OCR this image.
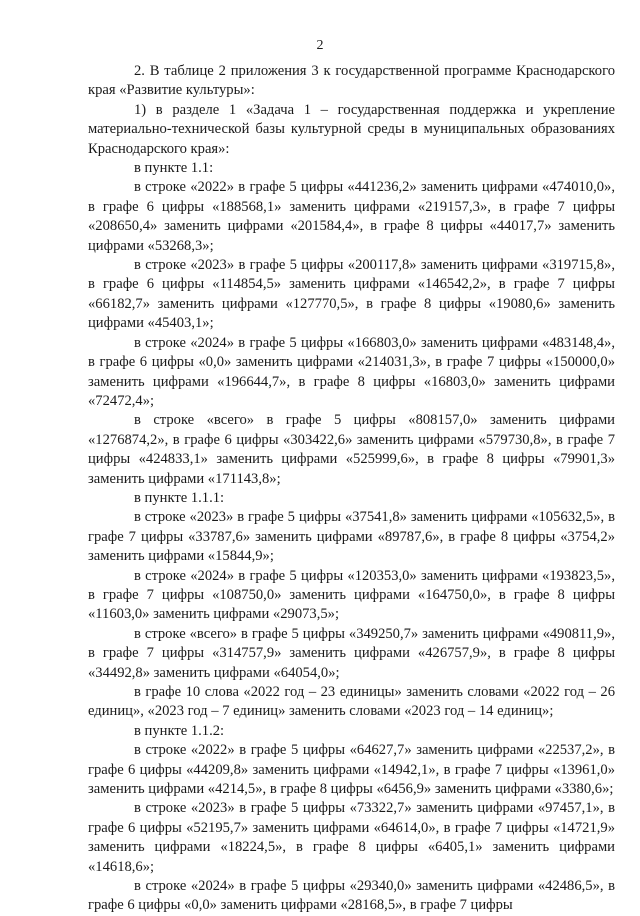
2

2. В таблице 2 приложения 3 к государственной программе Краснодарского края «Развитие культуры»:

1) в разделе 1 «Задача 1 – государственная поддержка и укрепление материально-технической базы культурной среды в муниципальных образованиях Краснодарского края»:

в пункте 1.1:

в строке «2022» в графе 5 цифры «441236,2» заменить цифрами «474010,0», в графе 6 цифры «188568,1» заменить цифрами «219157,3», в графе 7 цифры «208650,4» заменить цифрами «201584,4», в графе 8 цифры «44017,7» заменить цифрами «53268,3»;

в строке «2023» в графе 5 цифры «200117,8» заменить цифрами «319715,8», в графе 6 цифры «114854,5» заменить цифрами «146542,2», в графе 7 цифры «66182,7» заменить цифрами «127770,5», в графе 8 цифры «19080,6» заменить цифрами «45403,1»;

в строке «2024» в графе 5 цифры «166803,0» заменить цифрами «483148,4», в графе 6 цифры «0,0» заменить цифрами «214031,3», в графе 7 цифры «150000,0» заменить цифрами «196644,7», в графе 8 цифры «16803,0» заменить цифрами «72472,4»;

в строке «всего» в графе 5 цифры «808157,0» заменить цифрами «1276874,2», в графе 6 цифры «303422,6» заменить цифрами «579730,8», в графе 7 цифры «424833,1» заменить цифрами «525999,6», в графе 8 цифры «79901,3» заменить цифрами «171143,8»;

в пункте 1.1.1:

в строке «2023» в графе 5 цифры «37541,8» заменить цифрами «105632,5», в графе 7 цифры «33787,6» заменить цифрами «89787,6», в графе 8 цифры «3754,2» заменить цифрами «15844,9»;

в строке «2024» в графе 5 цифры «120353,0» заменить цифрами «193823,5», в графе 7 цифры «108750,0» заменить цифрами «164750,0», в графе 8 цифры «11603,0» заменить цифрами «29073,5»;

в строке «всего» в графе 5 цифры «349250,7» заменить цифрами «490811,9», в графе 7 цифры «314757,9» заменить цифрами «426757,9», в графе 8 цифры «34492,8» заменить цифрами «64054,0»;

в графе 10 слова «2022 год – 23 единицы» заменить словами «2022 год – 26 единиц», «2023 год – 7 единиц» заменить словами «2023 год – 14 единиц»;

в пункте 1.1.2:

в строке «2022» в графе 5 цифры «64627,7» заменить цифрами «22537,2», в графе 6 цифры «44209,8» заменить цифрами «14942,1», в графе 7 цифры «13961,0» заменить цифрами «4214,5», в графе 8 цифры «6456,9» заменить цифрами «3380,6»;

в строке «2023» в графе 5 цифры «73322,7» заменить цифрами «97457,1», в графе 6 цифры «52195,7» заменить цифрами «64614,0», в графе 7 цифры «14721,9» заменить цифрами «18224,5», в графе 8 цифры «6405,1» заменить цифрами «14618,6»;

в строке «2024» в графе 5 цифры «29340,0» заменить цифрами «42486,5», в графе 6 цифры «0,0» заменить цифрами «28168,5», в графе 7 цифры
